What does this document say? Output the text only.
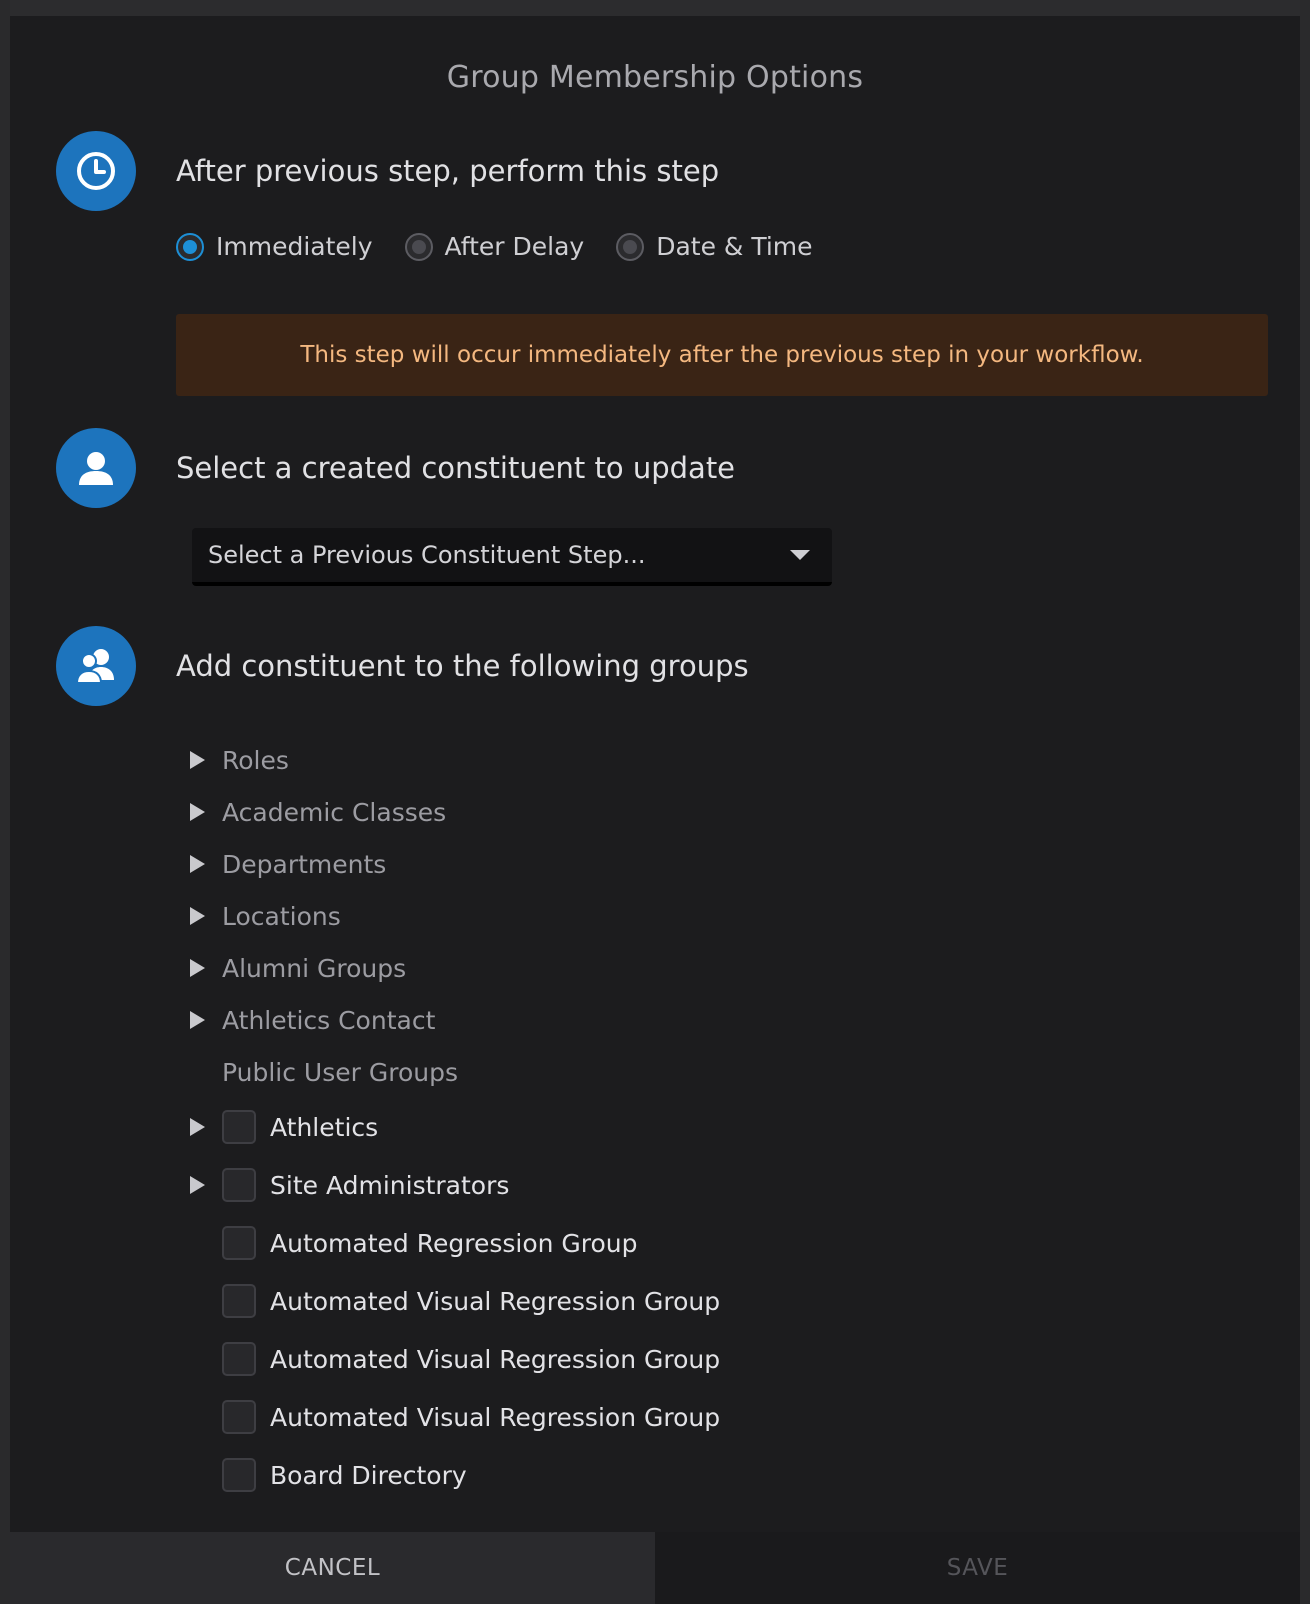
Group Membership Options
After previous step, perform this step
Immediately	After Delay	Date & Time
This step will occur immediately after the previous step in your workflow.
Select a created constituent to update
Select a Previous Constituent Step...
Add constituent to the following groups
Roles
Academic Classes
Departments
Locations
Alumni Groups
Athletics Contact
Public User Groups
Athletics
Site Administrators
Automated Regression Group
Automated Visual Regression Group
Automated Visual Regression Group
Automated Visual Regression Group
Board Directory
CANCEL	SAVE
